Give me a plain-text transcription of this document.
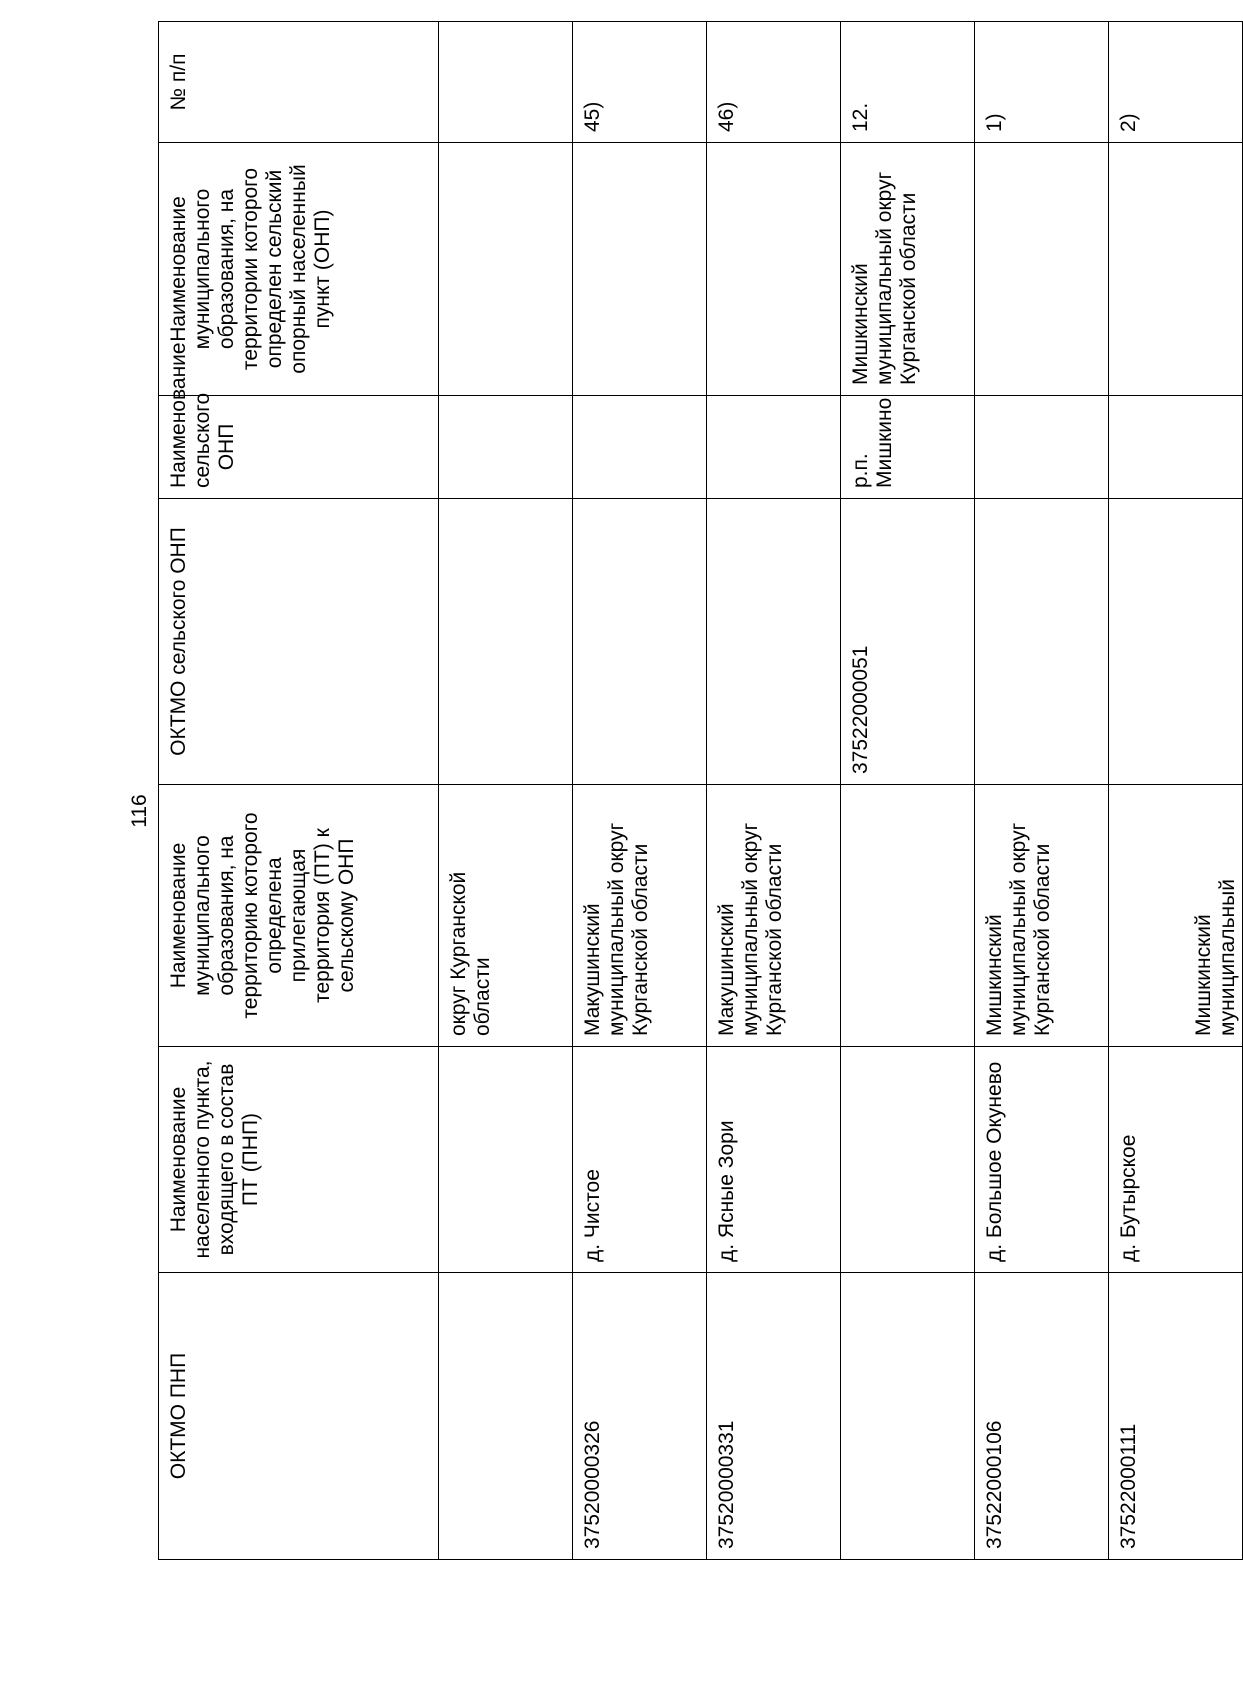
116
ОКТМО ПНП	Наименование населенного пункта, входящего в состав ПТ (ПНП)	Наименование муниципального образования, на территорию которого определена прилегающая территория (ПТ) к сельскому ОНП	ОКТМО сельского ОНП	Наименование сельского ОНП	Наименование муниципального образования, на территории которого определен сельский опорный населенный пункт (ОНП)	№ п/п
		округ Курганской области				
37520000326	д. Чистое	Макушинский муниципальный округ Курганской области				45)
37520000331	д. Ясные Зори	Макушинский муниципальный округ Курганской области				46)
			37522000051	р.п. Мишкино	Мишкинский муниципальный округ Курганской области	12.
37522000106	д. Большое Окунево	Мишкинский муниципальный округ Курганской области				1)
37522000111	д. Бутырское	Мишкинский муниципальный				2)
